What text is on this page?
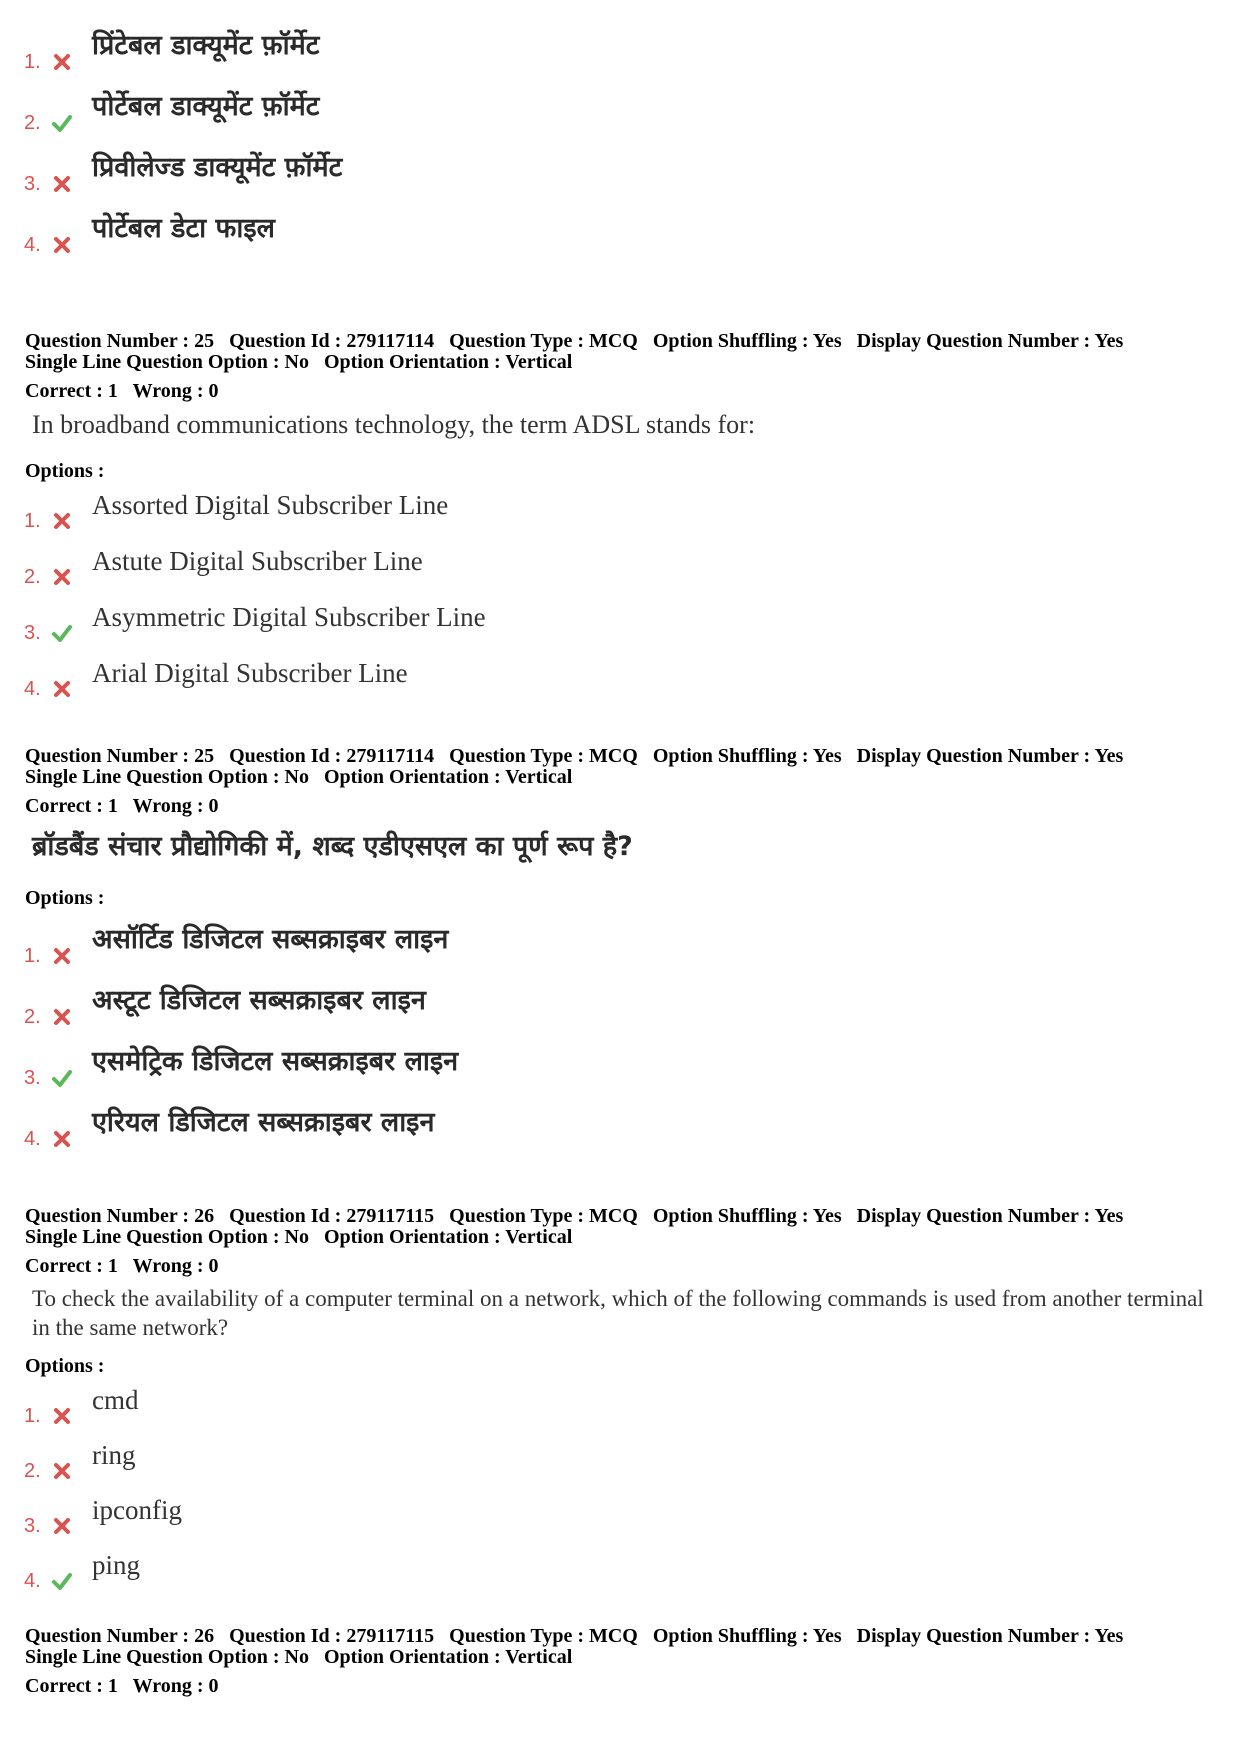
1.
प्रिंटेबल डाक्यूमेंट फ़ॉर्मेट
2.
पोर्टेबल डाक्यूमेंट फ़ॉर्मेट
3.
प्रिवीलेज्ड डाक्यूमेंट फ़ॉर्मेट
4.
पोर्टेबल डेटा फाइल
Question Number : 25 Question Id : 279117114 Question Type : MCQ Option Shuffling : Yes Display Question Number : Yes
Single Line Question Option : No Option Orientation : Vertical
Correct : 1 Wrong : 0
In broadband communications technology, the term ADSL stands for:
Options :
1.
Assorted Digital Subscriber Line
2.
Astute Digital Subscriber Line
3.
Asymmetric Digital Subscriber Line
4.
Arial Digital Subscriber Line
Question Number : 25 Question Id : 279117114 Question Type : MCQ Option Shuffling : Yes Display Question Number : Yes
Single Line Question Option : No Option Orientation : Vertical
Correct : 1 Wrong : 0
ब्रॉडबैंड संचार प्रौद्योगिकी में, शब्द एडीएसएल का पूर्ण रूप है?
Options :
1.
असॉर्टिड डिजिटल सब्सक्राइबर लाइन
2.
अस्टूट डिजिटल सब्सक्राइबर लाइन
3.
एसमेट्रिक डिजिटल सब्सक्राइबर लाइन
4.
एरियल डिजिटल सब्सक्राइबर लाइन
Question Number : 26 Question Id : 279117115 Question Type : MCQ Option Shuffling : Yes Display Question Number : Yes
Single Line Question Option : No Option Orientation : Vertical
Correct : 1 Wrong : 0
To check the availability of a computer terminal on a network, which of the following commands is used from another terminal in the same network?
Options :
1.
cmd
2.
ring
3.
ipconfig
4.
ping
Question Number : 26 Question Id : 279117115 Question Type : MCQ Option Shuffling : Yes Display Question Number : Yes
Single Line Question Option : No Option Orientation : Vertical
Correct : 1 Wrong : 0
